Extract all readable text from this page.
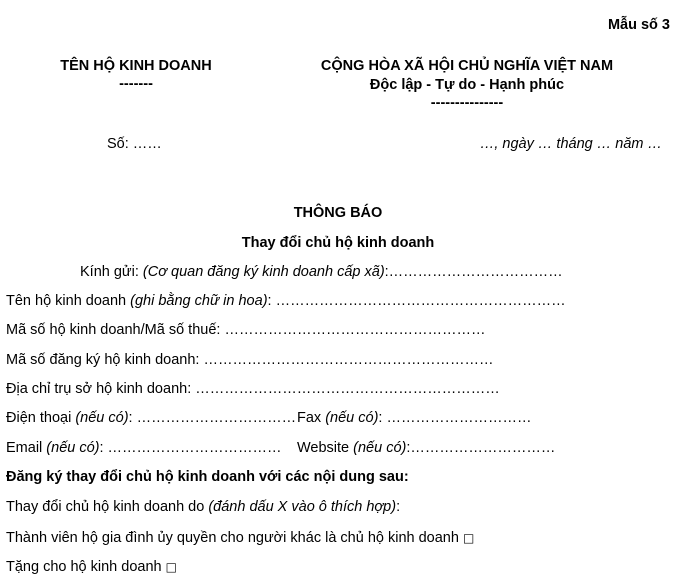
Mẫu số 3
TÊN HỘ KINH DOANH
-------
CỘNG HÒA XÃ HỘI CHỦ NGHĨA VIỆT NAM
Độc lập - Tự do - Hạnh phúc
---------------
Số: ……	…, ngày … tháng … năm …
THÔNG BÁO
Thay đổi chủ hộ kinh doanh
Kính gửi: (Cơ quan đăng ký kinh doanh cấp xã):………………………………
Tên hộ kinh doanh (ghi bằng chữ in hoa): ……………………………………………………
Mã số hộ kinh doanh/Mã số thuế: ………………………………………………
Mã số đăng ký hộ kinh doanh: ……………………………………………………
Địa chỉ trụ sở hộ kinh doanh: ………………………………………………………
Điện thoại (nếu có): …………………………… Fax (nếu có): …………………………
Email (nếu có): ……………………………… Website (nếu có):…………………………
Đăng ký thay đổi chủ hộ kinh doanh với các nội dung sau:
Thay đổi chủ hộ kinh doanh do (đánh dấu X vào ô thích hợp):
Thành viên hộ gia đình ủy quyền cho người khác là chủ hộ kinh doanh □
Tặng cho hộ kinh doanh □
